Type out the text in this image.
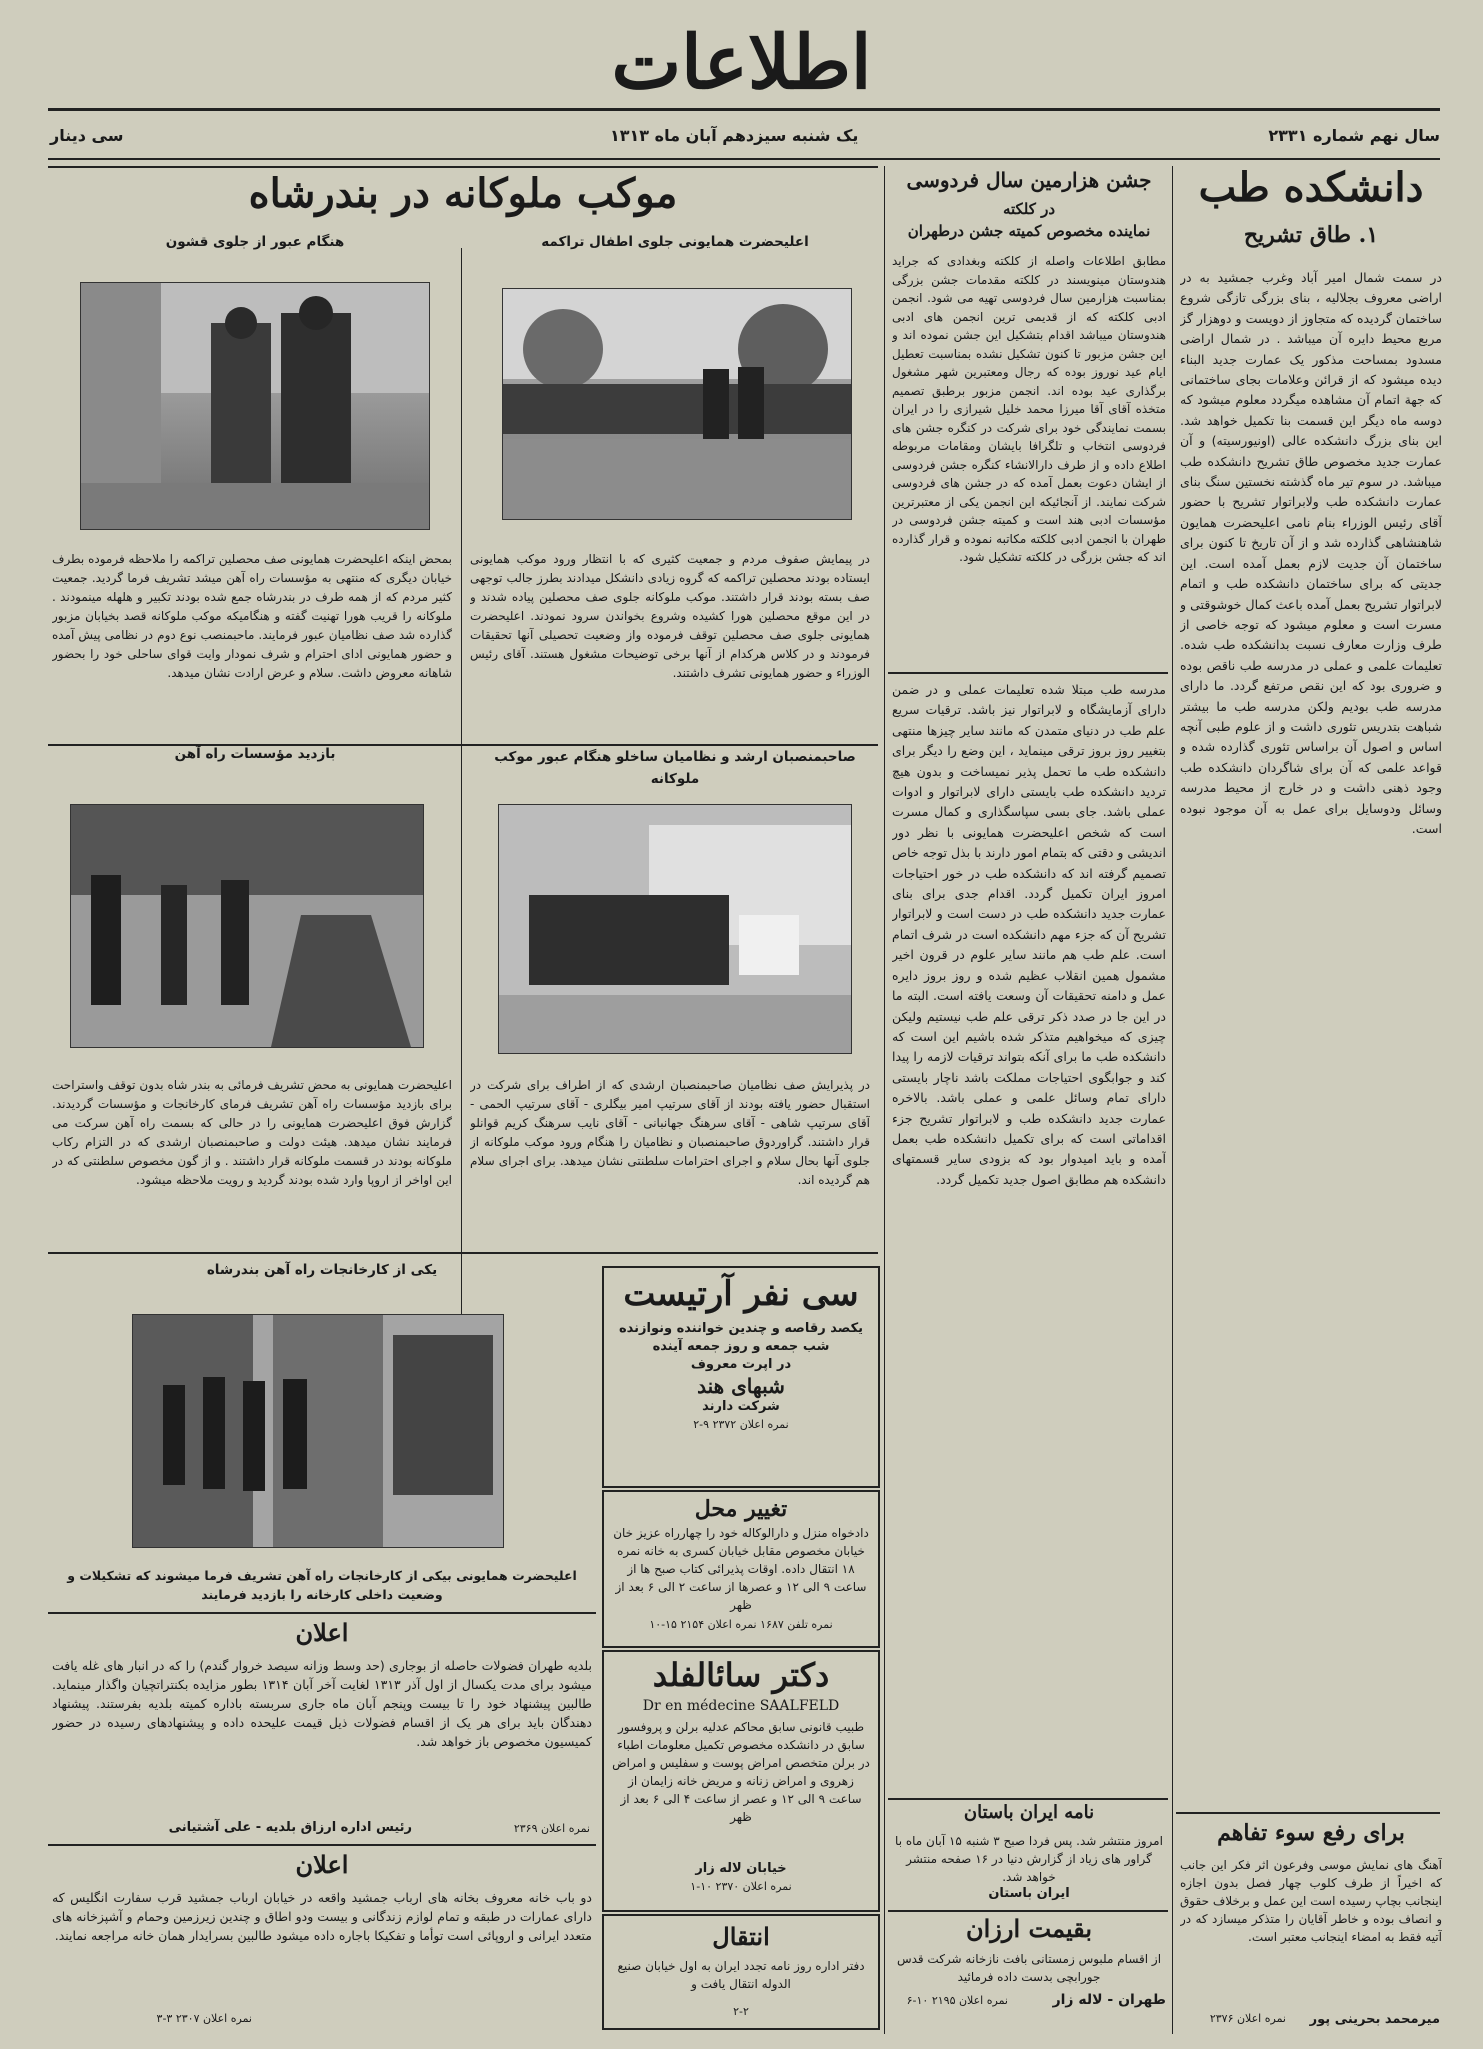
اطلاعات
سی دینار	یک شنبه سیزدهم آبان ماه ۱۳۱۳	سال نهم شماره ۲۳۳۱
دانشکده طب
۱. طاق تشریح
در سمت شمال امیر آباد وغرب جمشید به در اراضی معروف بجلالیه ، بنای بزرگی تازگی شروع ساختمان گردیده که متجاوز از دویست و دوهزار گز مربع محیط دایره آن میباشد . در شمال اراضی مسدود بمساحت مذکور یک عمارت جدید البناء دیده میشود که از قرائن وعلامات بجای ساختمانی که جهة اتمام آن مشاهده میگردد معلوم میشود که دوسه ماه دیگر این قسمت بنا تکمیل خواهد شد. این بنای بزرگ دانشکده عالی (اونیورسیته) و آن عمارت جدید مخصوص طاق تشریح دانشکده طب میباشد. در سوم تیر ماه گذشته نخستین سنگ بنای عمارت دانشکده طب ولابراتوار تشریح با حضور آقای رئیس الوزراء بنام نامی اعلیحضرت همایون شاهنشاهی گذارده شد و از آن تاریخ تا کنون برای ساختمان آن جدیت لازم بعمل آمده است. این جدیتی که برای ساختمان دانشکده طب و اتمام لابراتوار تشریح بعمل آمده باعث کمال خوشوقتی و مسرت است و معلوم میشود که توجه خاصی از طرف وزارت معارف نسبت بدانشکده طب شده. تعلیمات علمی و عملی در مدرسه طب ناقص بوده و ضروری بود که این نقص مرتفع گردد. ما دارای مدرسه طب بودیم ولکن مدرسه طب ما بیشتر شباهت بتدریس تئوری داشت و از علوم طبی آنچه اساس و اصول آن براساس تئوری گذارده شده و قواعد علمی که آن برای شاگردان دانشکده طب وجود ذهنی داشت و در خارج از محیط مدرسه وسائل ودوسایل برای عمل به آن موجود نبوده است.
برای رفع سوء تفاهم
آهنگ های نمایش موسی وفرعون اثر فکر این جانب که اخیراً از طرف کلوب چهار فصل بدون اجازه اینجانب بچاپ رسیده است این عمل و برخلاف حقوق و انصاف بوده و خاطر آقایان را متذکر میسازد که در آتیه فقط به امضاء اینجانب معتبر است.
میرمحمد بحرینی پور
نمره اعلان ۲۳۷۶
جشن هزارمین سال فردوسی
در کلکته
نماینده مخصوص کمیته جشن درطهران
مطابق اطلاعات واصله از کلکته وبغدادی که جراید هندوستان مینویسند در کلکته مقدمات جشن بزرگی بمناسبت هزارمین سال فردوسی تهیه می شود. انجمن ادبی کلکته که از قدیمی ترین انجمن های ادبی هندوستان میباشد اقدام بتشکیل این جشن نموده اند و این جشن مزبور تا کنون تشکیل نشده بمناسبت تعطیل ایام عید نوروز بوده که رجال ومعتبرین شهر مشغول برگذاری عید بوده اند. انجمن مزبور برطبق تصمیم متخذه آقای آقا میرزا محمد خلیل شیرازی را در ایران بسمت نمایندگی خود برای شرکت در کنگره جشن های فردوسی انتخاب و تلگرافا بایشان ومقامات مربوطه اطلاع داده و از طرف دارالانشاء کنگره جشن فردوسی از ایشان دعوت بعمل آمده که در جشن های فردوسی شرکت نمایند. از آنجائیکه این انجمن یکی از معتبرترین مؤسسات ادبی هند است و کمیته جشن فردوسی در طهران با انجمن ادبی کلکته مکاتبه نموده و قرار گذارده اند که جشن بزرگی در کلکته تشکیل شود.
مدرسه طب مبتلا شده تعلیمات عملی و در ضمن دارای آزمایشگاه و لابراتوار نیز باشد. ترقیات سریع علم طب در دنیای متمدن که مانند سایر چیزها منتهی بتغییر روز بروز ترقی مینماید ، این وضع را دیگر برای دانشکده طب ما تحمل پذیر نمیساخت و بدون هیچ تردید دانشکده طب بایستی دارای لابراتوار و ادوات عملی باشد. جای بسی سپاسگذاری و کمال مسرت است که شخص اعلیحضرت همایونی با نظر دور اندیشی و دقتی که بتمام امور دارند با بذل توجه خاص تصمیم گرفته اند که دانشکده طب در خور احتیاجات امروز ایران تکمیل گردد. اقدام جدی برای بنای عمارت جدید دانشکده طب در دست است و لابراتوار تشریح آن که جزء مهم دانشکده است در شرف اتمام است. علم طب هم مانند سایر علوم در قرون اخیر مشمول همین انقلاب عظیم شده و روز بروز دایره عمل و دامنه تحقیقات آن وسعت یافته است. البته ما در این جا در صدد ذکر ترقی علم طب نیستیم ولیکن چیزی که میخواهیم متذکر شده باشیم این است که دانشکده طب ما برای آنکه بتواند ترقیات لازمه را پیدا کند و جوابگوی احتیاجات مملکت باشد ناچار بایستی دارای تمام وسائل علمی و عملی باشد. بالاخره عمارت جدید دانشکده طب و لابراتوار تشریح جزء اقداماتی است که برای تکمیل دانشکده طب بعمل آمده و باید امیدوار بود که بزودی سایر قسمتهای دانشکده هم مطابق اصول جدید تکمیل گردد.
نامه ایران باستان
امروز منتشر شد. پس فردا صبح ۳ شنبه ۱۵ آبان ماه با گراور های زیاد از گزارش دنیا در ۱۶ صفحه منتشر خواهد شد.
ایران باستان
بقیمت ارزان
از اقسام ملبوس زمستانی بافت نازخانه شرکت قدس جورابچی بدست داده فرمائید
طهران - لاله زار
نمره اعلان ۲۱۹۵ ۱۰-۶
موکب ملوکانه در بندرشاه
هنگام عبور از جلوی قشون	اعلیحضرت همایونی جلوی اطفال تراکمه
بمحض اینکه اعلیحضرت همایونی صف محصلین تراکمه را ملاحظه فرموده بطرف خیابان دیگری که منتهی به مؤسسات راه آهن میشد تشریف فرما گردید. جمعیت کثیر مردم که از همه طرف در بندرشاه جمع شده بودند تکبیر و هلهله مینمودند . ملوکانه را قریب هورا تهنیت گفته و هنگامیکه موکب ملوکانه قصد بخیابان مزبور گذارده شد صف نظامیان عبور فرمایند. ماحبمنصب نوع دوم در نظامی پیش آمده و حضور همایونی ادای احترام و شرف نمودار وایت قوای ساحلی خود را بحضور شاهانه معروض داشت. سلام و عرض ارادت نشان میدهد.
در پیمایش صفوف مردم و جمعیت کثیری که با انتظار ورود موکب همایونی ایستاده بودند محصلین تراکمه که گروه زیادی دانشکل میدادند بطرز جالب توجهی صف بسته بودند قرار داشتند. موکب ملوکانه جلوی صف محصلین پیاده شدند و در این موقع محصلین هورا کشیده وشروع بخواندن سرود نمودند. اعلیحضرت همایونی جلوی صف محصلین توقف فرموده واز وضعیت تحصیلی آنها تحقیقات فرمودند و در کلاس هرکدام از آنها برخی توضیحات مشغول هستند. آقای رئیس الوزراء و حضور همایونی تشرف داشتند.
بازدید مؤسسات راه آهن	صاحبمنصبان ارشد و نظامیان ساخلو هنگام عبور موکب ملوکانه
اعلیحضرت همایونی به محض تشریف فرمائی به بندر شاه بدون توقف واستراحت برای بازدید مؤسسات راه آهن تشریف فرمای کارخانجات و مؤسسات گردیدند. گزارش فوق اعلیحضرت همایونی را در حالی که بسمت راه آهن سرکت می فرمایند نشان میدهد. هیئت دولت و صاحبمنصبان ارشدی که در التزام رکاب ملوکانه بودند در قسمت ملوکانه قرار داشتند . و از گون مخصوص سلطنتی که در این اواخر از اروپا وارد شده بودند گردید و رویت ملاحظه میشود.
در پذیرایش صف نظامیان صاحبمنصبان ارشدی که از اطراف برای شرکت در استقبال حضور یافته بودند از آقای سرتیپ امیر بیگلری - آقای سرتیپ الحمی - آقای سرتیپ شاهی - آقای سرهنگ جهانبانی - آقای نایب سرهنگ کریم قوانلو قرار داشتند. گراوردوق صاحبمنصبان و نظامیان را هنگام ورود موکب ملوکانه از جلوی آنها بحال سلام و اجرای احترامات سلطنتی نشان میدهد. برای اجرای سلام هم گردیده اند.
یکی از کارخانجات راه آهن بندرشاه
اعلیحضرت همایونی بیکی از کارخانجات راه آهن تشریف فرما میشوند که تشکیلات و وضعیت داخلی کارخانه را بازدید فرمایند
سی نفر آرتیست
یکصد رقاصه و چندین خواننده ونوازنده
شب جمعه و روز جمعه آینده
در اپرت معروف
شبهای هند
شرکت دارند
نمره اعلان ۲۳۷۲ ۹-۲
تغییر محل
دادخواه منزل و دارالوکاله خود را چهارراه عزیز خان خیابان مخصوص مقابل خیابان کسری به خانه نمره ۱۸ انتقال داده. اوقات پذیرائی کتاب صبح ها از ساعت ۹ الی ۱۲ و عصرها از ساعت ۲ الی ۶ بعد از ظهر
نمره تلفن ۱۶۸۷ نمره اعلان ۲۱۵۴ ۱۵-۱۰
دکتر سائالفلد
Dr en médecine SAALFELD
طبیب قانونی سابق محاکم عدلیه برلن و پروفسور سابق در دانشکده مخصوص تکمیل معلومات اطباء در برلن متخصص امراض پوست و سفلیس و امراض زهروی و امراض زنانه و مریض خانه زایمان از ساعت ۹ الی ۱۲ و عصر از ساعت ۴ الی ۶ بعد از ظهر
خیابان لاله زار
نمره اعلان ۲۳۷۰ ۱۰-۱
انتقال
دفتر اداره روز نامه تجدد ایران به اول خیابان صنیع الدوله انتقال یافت و
۲-۲
اعلان
بلدیه طهران فضولات حاصله از بوجاری (حد وسط وزانه سیصد خروار گندم) را که در انبار های غله یافت میشود برای مدت یکسال از اول آذر ۱۳۱۳ لغایت آخر آبان ۱۳۱۴ بطور مزایده بکنتراتچیان واگذار مینماید. طالبین پیشنهاد خود را تا بیست وپنجم آبان ماه جاری سربسته باداره کمیته بلدیه بفرستند. پیشنهاد دهندگان باید برای هر یک از اقسام فضولات ذیل قیمت علیحده داده و پیشنهادهای رسیده در حضور کمیسیون مخصوص باز خواهد شد.
رئیس اداره ارزاق بلدیه - علی آشتیانی	نمره اعلان ۲۳۶۹
اعلان
دو باب خانه معروف بخانه های ارباب جمشید واقعه در خیابان ارباب جمشید قرب سفارت انگلیس که دارای عمارات در طبقه و تمام لوازم زندگانی و بیست ودو اطاق و چندین زیرزمین وحمام و آشپزخانه های متعدد ایرانی و اروپائی است توأما و تفکیکا باجاره داده میشود طالبین بسرایدار همان خانه مراجعه نمایند.
نمره اعلان ۲۳۰۷ ۳-۳
